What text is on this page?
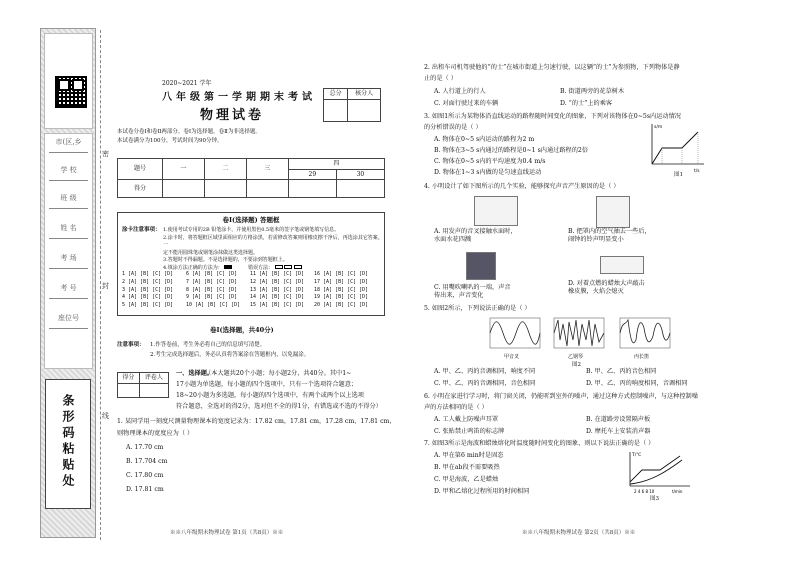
市(区,乡
学 校
班 级
姓 名
考 场
考 号
座位号
条形码粘贴处
密
封
线
2020~2021 学年
八年级第一学期期末考试
物理试卷
总分	核分人

本试卷分卷Ⅰ和卷Ⅱ两部分。卷Ⅰ为选择题，卷Ⅱ为非选择题。
本试卷满分为100分，考试时间为90分钟。
题号	一	二	三	四	
				29	30
得分					
卷Ⅰ(选择题) 答题框
涂卡注意事项： 1.使用考试专用的2B 铅笔涂卡，并使用黑色0.5毫米的签字笔或钢笔填写信息。
2.涂卡时，将答题框区域里面相应的方格涂黑，若需修改答案则用橡皮擦干净后，再选涂其它答案。一
定不能用圆珠笔或钢笔涂抹做这类选择题。
3.答题时不得漏题。不是选择题的，不要涂到答题框上。
4.填涂方法正确的方法为：	错误方法：
1 [A] [B] [C] [D]	6 [A] [B] [C] [D]	11 [A] [B] [C] [D] 16 [A] [B] [C] [D]
2 [A] [B] [C] [D]	7 [A] [B] [C] [D]	12 [A] [B] [C] [D] 17 [A] [B] [C] [D]
3 [A] [B] [C] [D]	8 [A] [B] [C] [D]	13 [A] [B] [C] [D] 18 [A] [B] [C] [D]
4 [A] [B] [C] [D]	9 [A] [B] [C] [D]	14 [A] [B] [C] [D] 19 [A] [B] [C] [D]
5 [A] [B] [C] [D]	10 [A] [B] [C] [D] 15 [A] [B] [C] [D] 20 [A] [B] [C] [D]
卷Ⅰ(选择题，共40分)
注意事项： 1.作答卷前，考生务必将自己的信息填写清楚。
2.考生完成选择题后，务必认真将答案涂在答题框内，以免漏涂。
得分	评卷人

一、选择题。
（本大题共20个小题；每小题2分，共40分。其中1~
17小题为单选题，每小题的四个选项中，只有一个选项符合题意；
18~20小题为多选题，每小题的四个选项中，有两个或两个以上选项
符合题意，全选对的得2分，选对但不全的得1分，有错选或不选的不得分）
1. 某同学用一刻度尺测量物理课本的宽度记录为：17.82 cm，17.81 cm，17.28 cm，17.81 cm，
则物理课本的宽度应为（ ）
A. 17.70 cm
B. 17.704 cm
C. 17.80 cm
D. 17.81 cm
※※八年级期末物理试卷 第1页（共8页）※※
2. 出租车司机驾驶他的“的士”在城市街道上匀速行驶，以这辆“的士”为参照物，下列物体是静
止的是（ ）
A. 人行道上的行人	B. 街道两旁的花草树木
C. 对面行驶过来的车辆	D. “的士”上的乘客
3. 如图1所示为某物体沿直线运动的路程随时间变化的图象，下列对该物体在0~5s内运动情况
的分析错误的是（ ）
A. 物体在0~5 s内运动的路程为2 m
B. 物体在3~5 s内通过的路程是0~1 s内通过路程的2倍
C. 物体在0~5 s内的平均速度为0.4 m/s
D. 物体在1~3 s内做的是匀速直线运动
s/m
t/s
图1
4. 小明设计了如下图所示的几个实验，能够探究声音产生原因的是（ ）
A. 用发声的音叉接触水面时，
水面水花四溅
B. 把罩内的空气抽去一些后，
闹钟的铃声明显变小
C. 用嘴吹喇叭的一端，声音
传出来，声音变化
D. 对着点燃的蜡烛大声敲击
橡皮膜，火焰会熄灭
5. 如图2所示，下列说法正确的是（ ）
甲音叉	乙钢琴	丙长笛
图2
A. 甲、乙、丙的音调相同，响度不同	B. 甲、乙、丙的音色相同
C. 甲、乙、丙的音调相同，音色相同	D. 甲、乙、丙的响度相同，音调相同
6. 小明在家进行学习时，将门窗关闭，仍能听到室外的噪声，通过这种方式控制噪声，与这种控制噪
声的方法相同的是（ ）
A. 工人戴上防噪声耳罩	B. 在道路旁设置隔声板
C. 张贴禁止鸣笛的标志牌	D. 摩托车上安装消声器
7. 如图3所示是海波和蜡烛熔化时温度随时间变化的图象，则以下说法正确的是（ ）
A. 甲在第6 min时是固态
B. 甲在ab段不需要吸热
C. 甲是海波，乙是蜡烛
D. 甲和乙熔化过程所用的时间相同
T/℃
2 4 6 8 10	t/min
图3
※※八年级期末物理试卷 第2页（共8页）※※
